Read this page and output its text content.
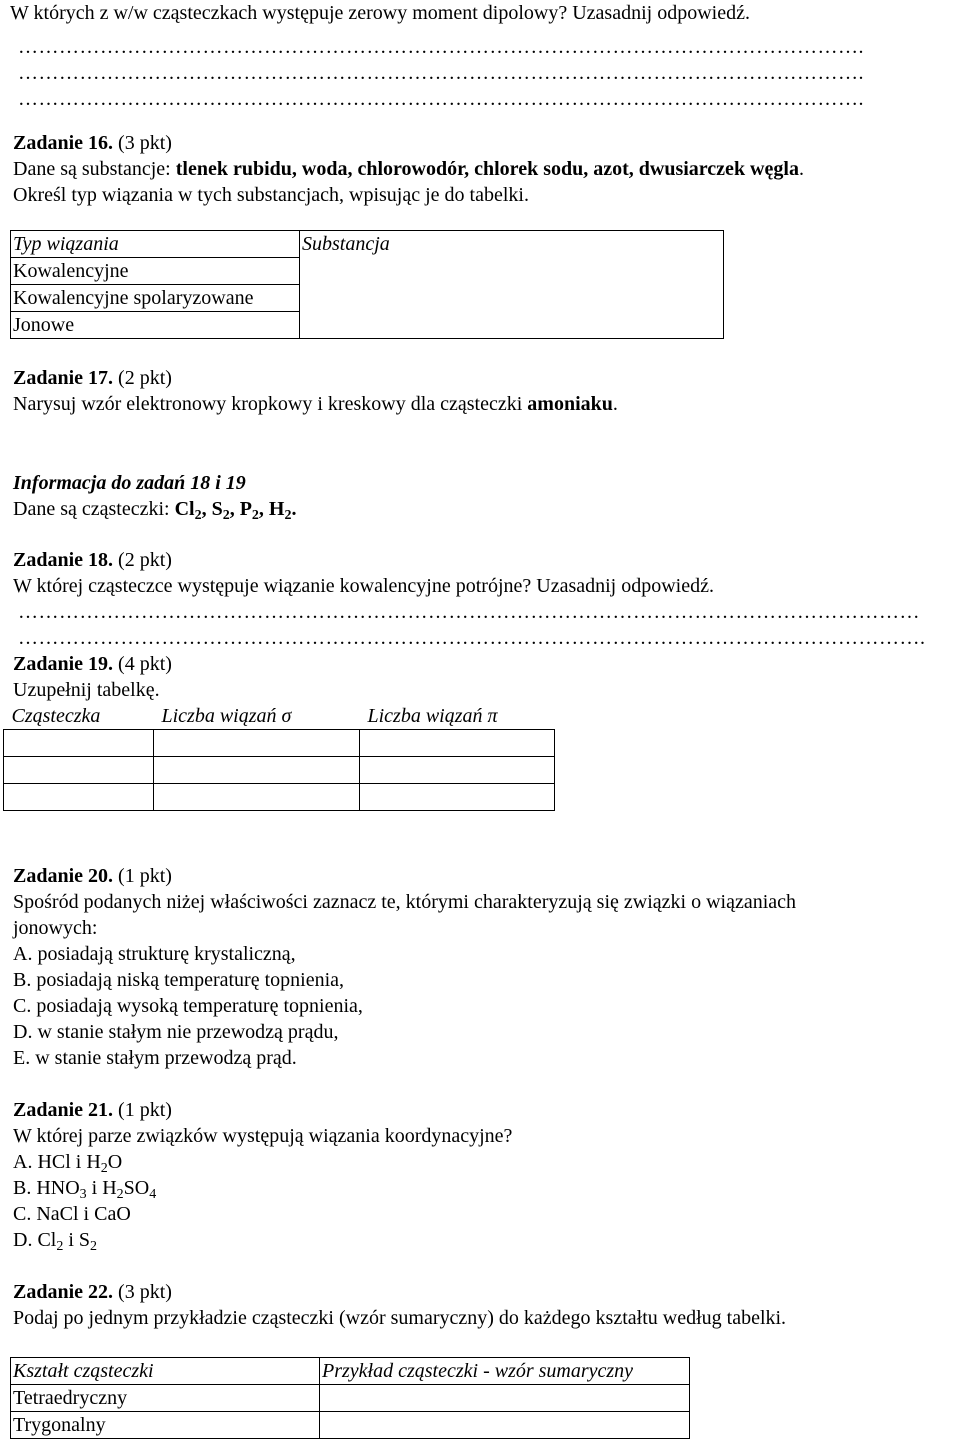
W których z w/w cząsteczkach występuje zerowy moment dipolowy? Uzasadnij odpowiedź.
…………………………………………………………………………………………………………….
…………………………………………………………………………………………………………….
…………………………………………………………………………………………………………….
Zadanie 16. (3 pkt)
Dane są substancje: tlenek rubidu, woda, chlorowodór, chlorek sodu, azot, dwusiarczek węgla.
Określ typ wiązania w tych substancjach, wpisując je do tabelki.
Typ wiązania	Substancja
Kowalencyjne	
Kowalencyjne spolaryzowane	
Jonowe	
Zadanie 17. (2 pkt)
Narysuj wzór elektronowy kropkowy i kreskowy dla cząsteczki amoniaku.
Informacja do zadań 18 i 19
Dane są cząsteczki: $Cl_2$, $S_2$, $P_2$, $H_2$.
Zadanie 18. (2 pkt)
W której cząsteczce występuje wiązanie kowalencyjne potrójne? Uzasadnij odpowiedź.
……………………………………………………………………………………………………………………
…………………………………………………………………………………………………………………….
Zadanie 19. (4 pkt)
Uzupełnij tabelkę.
Cząsteczka	Liczba wiązań σ	Liczba wiązań π

Zadanie 20. (1 pkt)
Spośród podanych niżej właściwości zaznacz te, którymi charakteryzują się związki o wiązaniach
jonowych:
A. posiadają strukturę krystaliczną,
B. posiadają niską temperaturę topnienia,
C. posiadają wysoką temperaturę topnienia,
D. w stanie stałym nie przewodzą prądu,
E. w stanie stałym przewodzą prąd.
Zadanie 21. (1 pkt)
W której parze związków występują wiązania koordynacyjne?
A. HCl i $H_2O$
B. $HNO_3$ i $H_2SO_4$
C. NaCl i CaO
D. $Cl_2$ i $S_2$
Zadanie 22. (3 pkt)
Podaj po jednym przykładzie cząsteczki (wzór sumaryczny) do każdego kształtu według tabelki.
Kształt cząsteczki	Przykład cząsteczki - wzór sumaryczny
Tetraedryczny	
Trygonalny	
